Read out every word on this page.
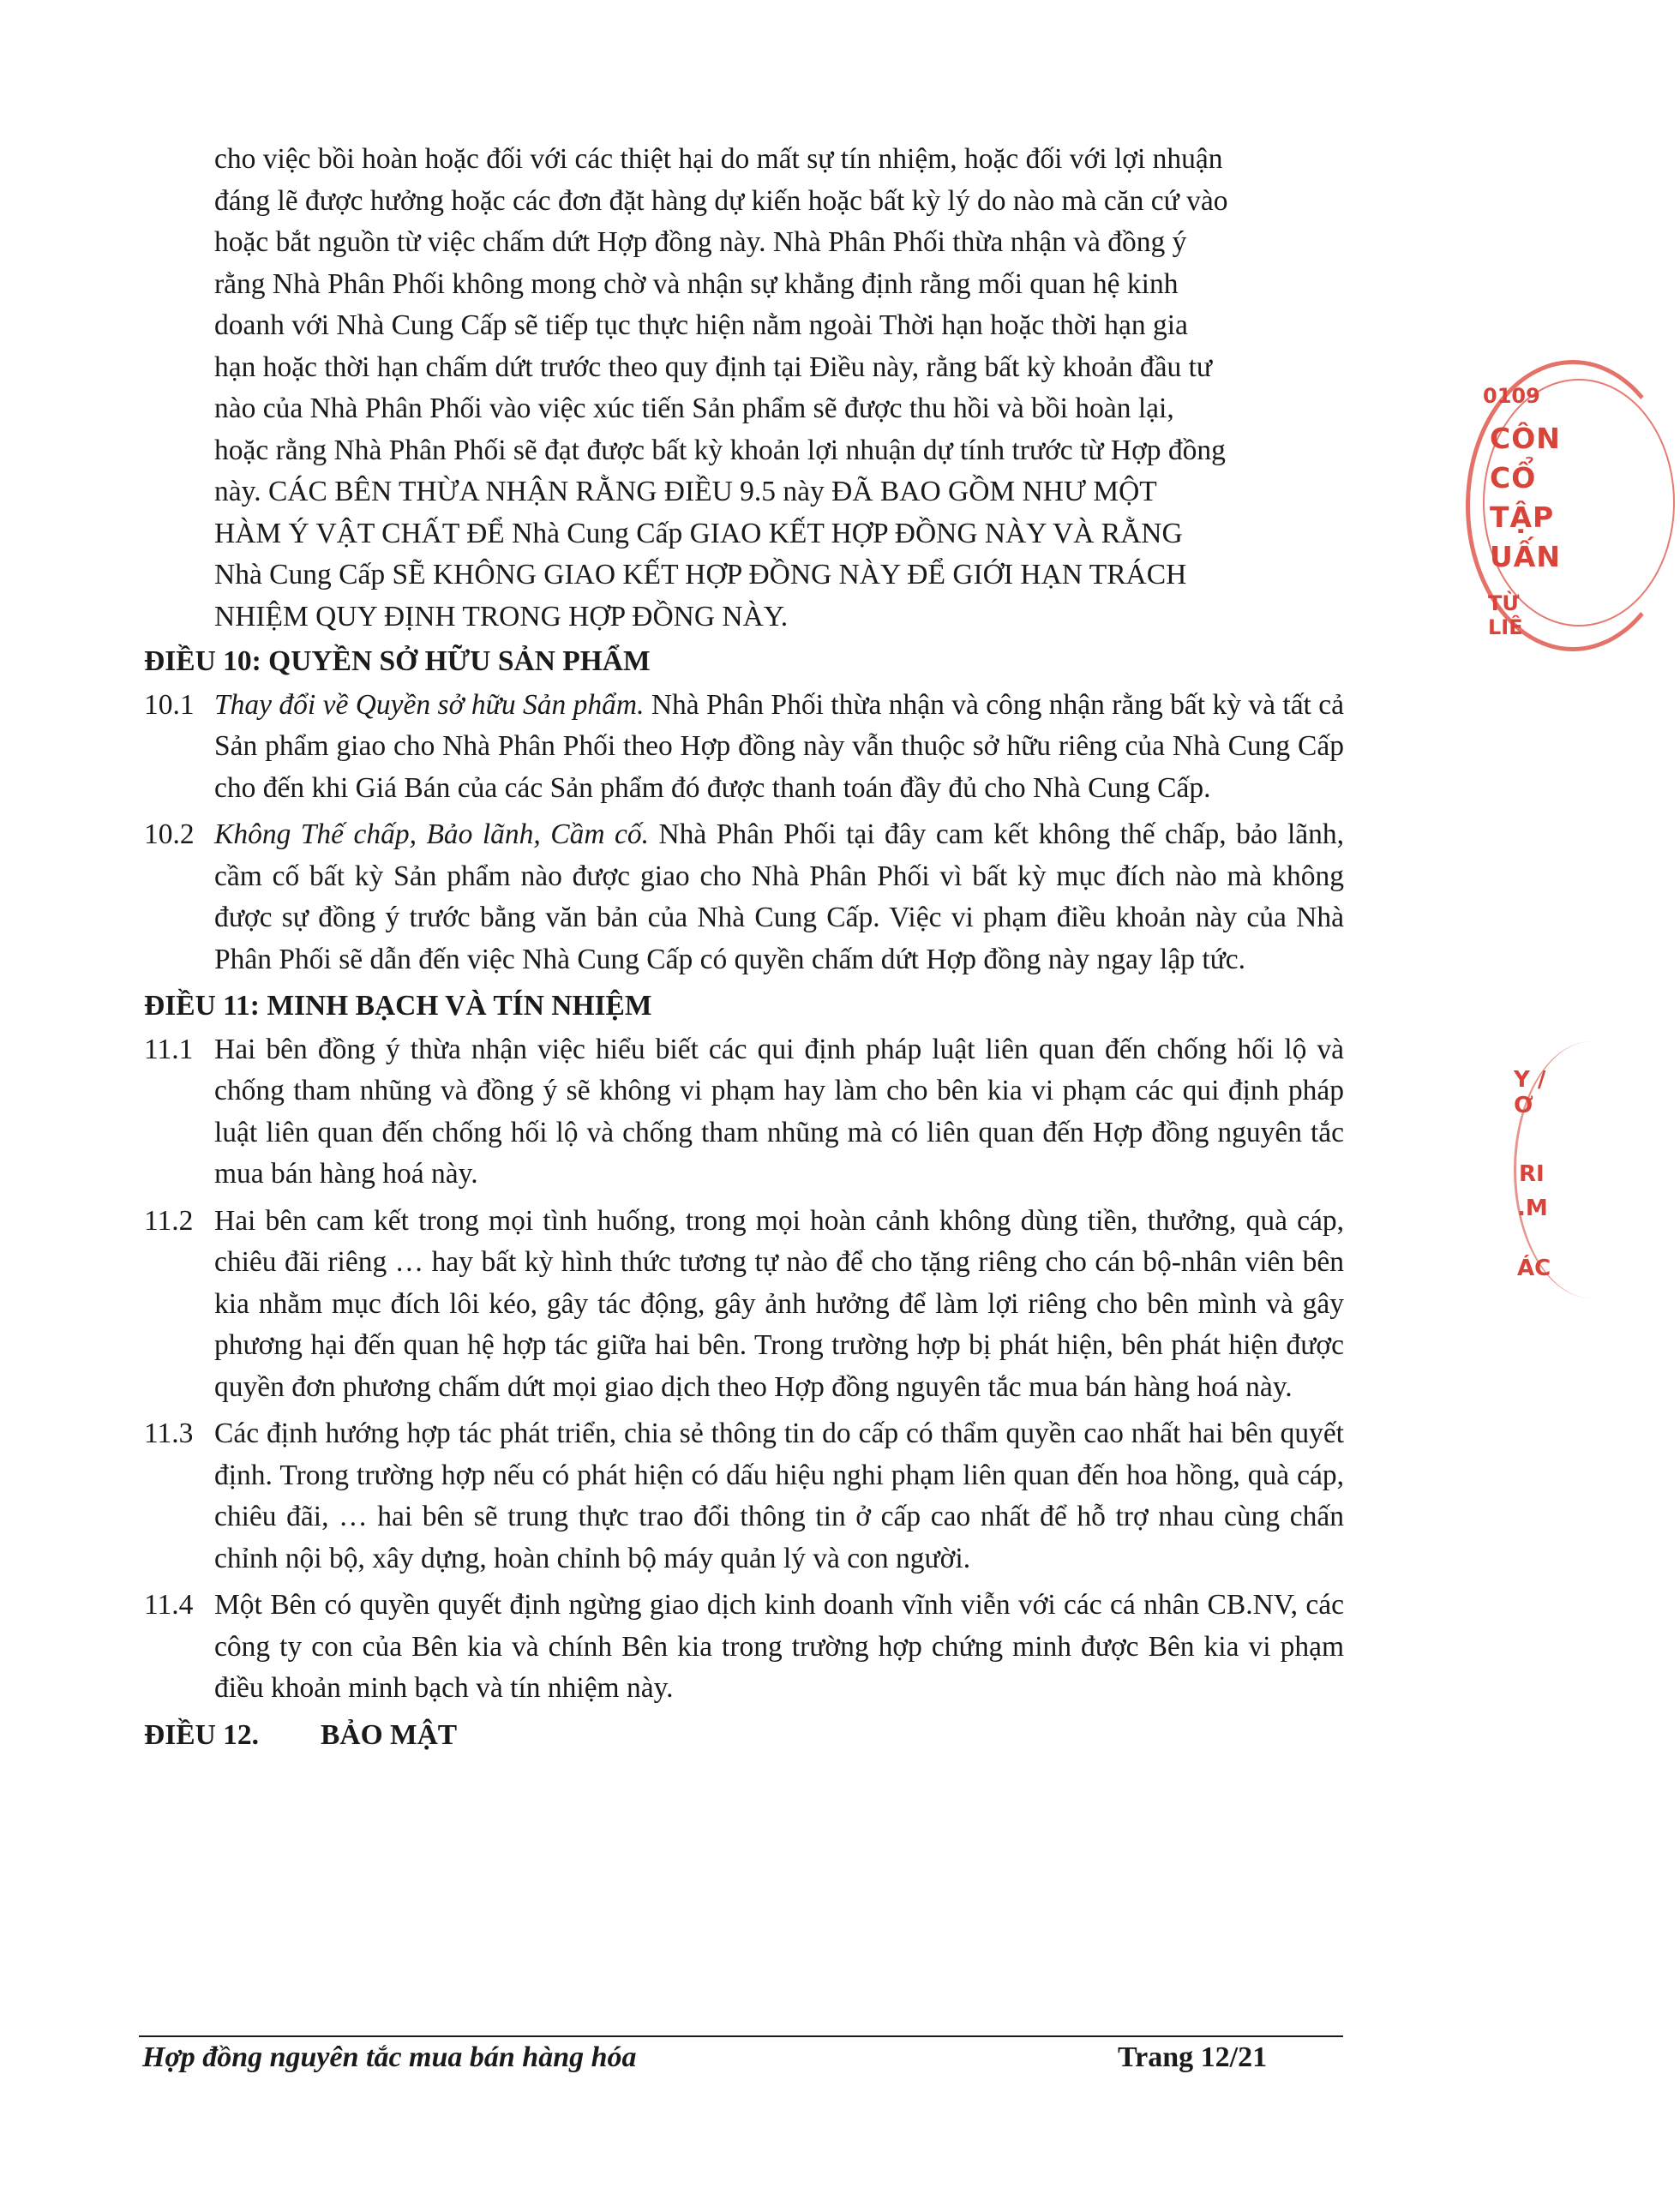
cho việc bồi hoàn hoặc đối với các thiệt hại do mất sự tín nhiệm, hoặc đối với lợi nhuận
đáng lẽ được hưởng hoặc các đơn đặt hàng dự kiến hoặc bất kỳ lý do nào mà căn cứ vào
hoặc bắt nguồn từ việc chấm dứt Hợp đồng này. Nhà Phân Phối thừa nhận và đồng ý
rằng Nhà Phân Phối không mong chờ và nhận sự khẳng định rằng mối quan hệ kinh
doanh với Nhà Cung Cấp sẽ tiếp tục thực hiện nằm ngoài Thời hạn hoặc thời hạn gia
hạn hoặc thời hạn chấm dứt trước theo quy định tại Điều này, rằng bất kỳ khoản đầu tư
nào của Nhà Phân Phối vào việc xúc tiến Sản phẩm sẽ được thu hồi và bồi hoàn lại,
hoặc rằng Nhà Phân Phối sẽ đạt được bất kỳ khoản lợi nhuận dự tính trước từ Hợp đồng
này. CÁC BÊN THỪA NHẬN RẰNG ĐIỀU 9.5 này ĐÃ BAO GỒM NHƯ MỘT
HÀM Ý VẬT CHẤT ĐỂ Nhà Cung Cấp GIAO KẾT HỢP ĐỒNG NÀY VÀ RẰNG
Nhà Cung Cấp SẼ KHÔNG GIAO KẾT HỢP ĐỒNG NÀY ĐỂ GIỚI HẠN TRÁCH
NHIỆM QUY ĐỊNH TRONG HỢP ĐỒNG NÀY.
ĐIỀU 10: QUYỀN SỞ HỮU SẢN PHẨM
10.1 Thay đổi về Quyền sở hữu Sản phẩm. Nhà Phân Phối thừa nhận và công nhận rằng bất kỳ và tất cả Sản phẩm giao cho Nhà Phân Phối theo Hợp đồng này vẫn thuộc sở hữu riêng của Nhà Cung Cấp cho đến khi Giá Bán của các Sản phẩm đó được thanh toán đầy đủ cho Nhà Cung Cấp.
10.2 Không Thế chấp, Bảo lãnh, Cầm cố. Nhà Phân Phối tại đây cam kết không thế chấp, bảo lãnh, cầm cố bất kỳ Sản phẩm nào được giao cho Nhà Phân Phối vì bất kỳ mục đích nào mà không được sự đồng ý trước bằng văn bản của Nhà Cung Cấp. Việc vi phạm điều khoản này của Nhà Phân Phối sẽ dẫn đến việc Nhà Cung Cấp có quyền chấm dứt Hợp đồng này ngay lập tức.
ĐIỀU 11: MINH BẠCH VÀ TÍN NHIỆM
11.1 Hai bên đồng ý thừa nhận việc hiểu biết các qui định pháp luật liên quan đến chống hối lộ và chống tham nhũng và đồng ý sẽ không vi phạm hay làm cho bên kia vi phạm các qui định pháp luật liên quan đến chống hối lộ và chống tham nhũng mà có liên quan đến Hợp đồng nguyên tắc mua bán hàng hoá này.
11.2 Hai bên cam kết trong mọi tình huống, trong mọi hoàn cảnh không dùng tiền, thưởng, quà cáp, chiêu đãi riêng … hay bất kỳ hình thức tương tự nào để cho tặng riêng cho cán bộ-nhân viên bên kia nhằm mục đích lôi kéo, gây tác động, gây ảnh hưởng để làm lợi riêng cho bên mình và gây phương hại đến quan hệ hợp tác giữa hai bên. Trong trường hợp bị phát hiện, bên phát hiện được quyền đơn phương chấm dứt mọi giao dịch theo Hợp đồng nguyên tắc mua bán hàng hoá này.
11.3 Các định hướng hợp tác phát triển, chia sẻ thông tin do cấp có thẩm quyền cao nhất hai bên quyết định. Trong trường hợp nếu có phát hiện có dấu hiệu nghi phạm liên quan đến hoa hồng, quà cáp, chiêu đãi, … hai bên sẽ trung thực trao đổi thông tin ở cấp cao nhất để hỗ trợ nhau cùng chấn chỉnh nội bộ, xây dựng, hoàn chỉnh bộ máy quản lý và con người.
11.4 Một Bên có quyền quyết định ngừng giao dịch kinh doanh vĩnh viễn với các cá nhân CB.NV, các công ty con của Bên kia và chính Bên kia trong trường hợp chứng minh được Bên kia vi phạm điều khoản minh bạch và tín nhiệm này.
ĐIỀU 12. BẢO MẬT
Hợp đồng nguyên tắc mua bán hàng hóa	Trang 12/21
0109
CÔN
CỔ
TẬP
UẤN
TỪ LIÊ
Y /Ơ
RI
.M
ÁC
